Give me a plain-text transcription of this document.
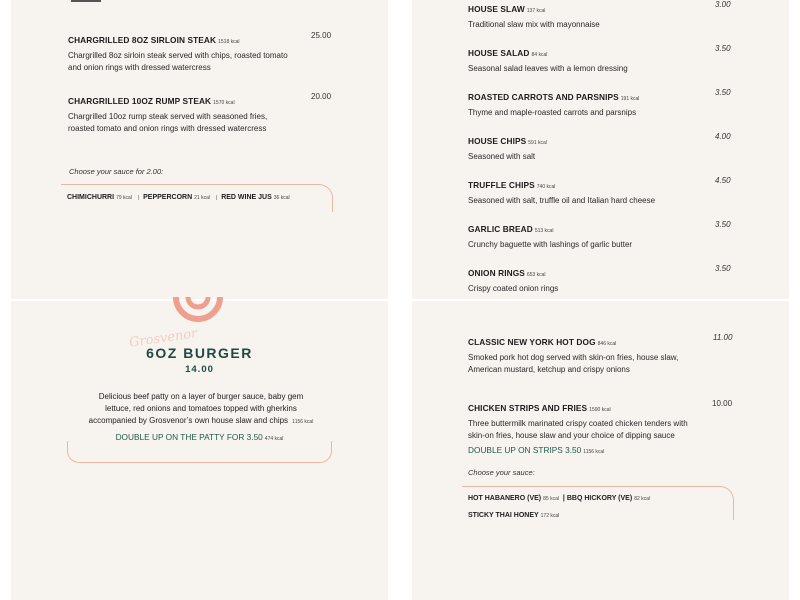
CHARGRILLED 8OZ SIRLOIN STEAK 1518 kcal
Chargrilled 8oz sirloin steak served with chips, roasted tomato
and onion rings with dressed watercress
25.00
CHARGRILLED 10OZ RUMP STEAK 1570 kcal
Chargrilled 10oz rump steak served with seasoned fries,
roasted tomato and onion rings with dressed watercress
20.00
Choose your sauce for 2.00:
CHIMICHURRI 79 kcal | PEPPERCORN 21 kcal | RED WINE JUS 36 kcal
HOUSE SLAW 137 kcal
Traditional slaw mix with mayonnaise
3.00
HOUSE SALAD 84 kcal
Seasonal salad leaves with a lemon dressing
3.50
ROASTED CARROTS AND PARSNIPS 191 kcal
Thyme and maple-roasted carrots and parsnips
3.50
HOUSE CHIPS 591 kcal
Seasoned with salt
4.00
TRUFFLE CHIPS 740 kcal
Seasoned with salt, truffle oil and Italian hard cheese
4.50
GARLIC BREAD 513 kcal
Crunchy baguette with lashings of garlic butter
3.50
ONION RINGS 653 kcal
Crispy coated onion rings
3.50
Grosvenor
6OZ BURGER
14.00
Delicious beef patty on a layer of burger sauce, baby gem
lettuce, red onions and tomatoes topped with gherkins
accompanied by Grosvenor’s own house slaw and chips 1156 kcal
DOUBLE UP ON THE PATTY FOR 3.50 474 kcal
CLASSIC NEW YORK HOT DOG 846 kcal
Smoked pork hot dog served with skin-on fries, house slaw,
American mustard, ketchup and crispy onions
11.00
CHICKEN STRIPS AND FRIES 1590 kcal
Three buttermilk marinated crispy coated chicken tenders with
skin-on fries, house slaw and your choice of dipping sauce
DOUBLE UP ON STRIPS 3.50 1156 kcal
10.00
Choose your sauce:
HOT HABANERO (VE) 85 kcal | BBQ HICKORY (VE) 82 kcal
STICKY THAI HONEY 172 kcal
